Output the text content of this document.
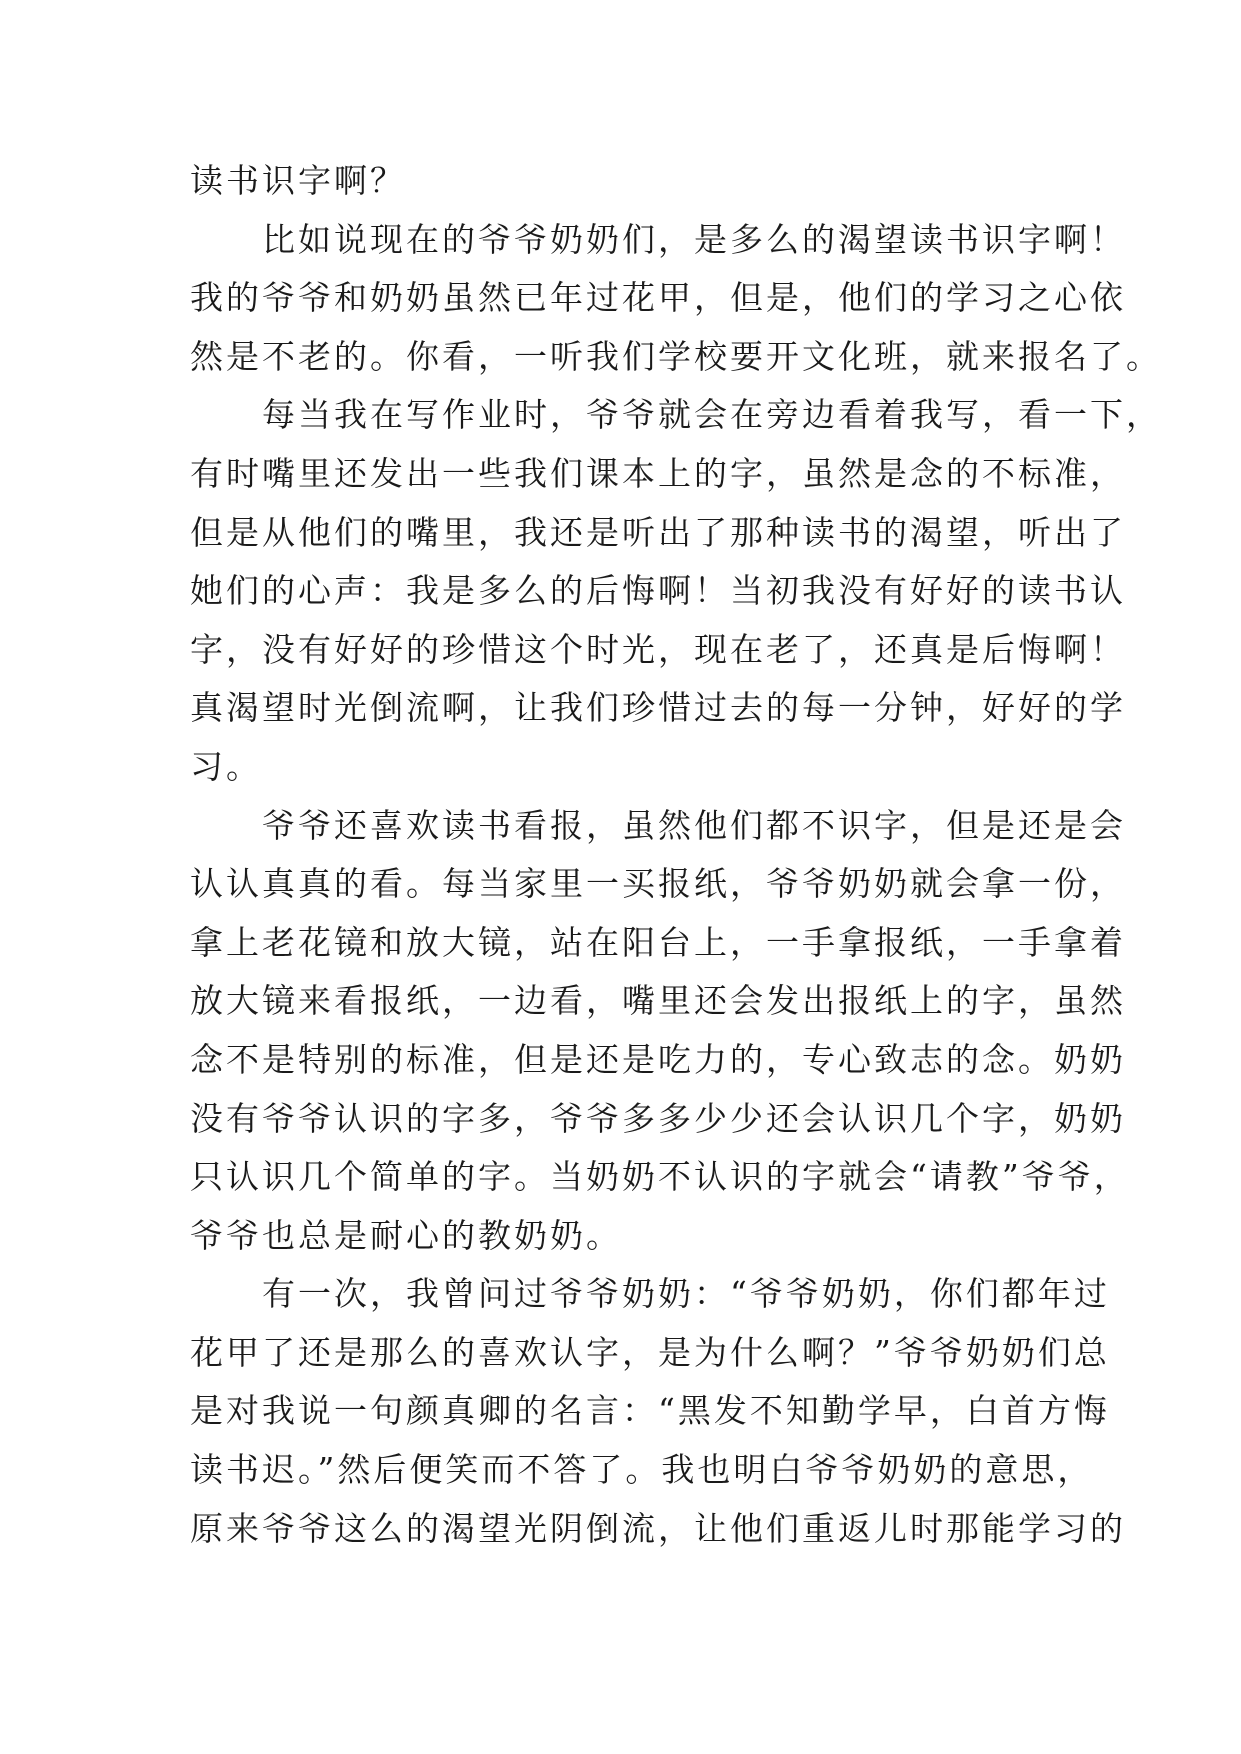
读书识字啊？
比如说现在的爷爷奶奶们，是多么的渴望读书识字啊！
我的爷爷和奶奶虽然已年过花甲，但是，他们的学习之心依
然是不老的。你看，一听我们学校要开文化班，就来报名了。
每当我在写作业时，爷爷就会在旁边看着我写，看一下，
有时嘴里还发出一些我们课本上的字，虽然是念的不标准，
但是从他们的嘴里，我还是听出了那种读书的渴望，听出了
她们的心声：我是多么的后悔啊！当初我没有好好的读书认
字，没有好好的珍惜这个时光，现在老了，还真是后悔啊！
真渴望时光倒流啊，让我们珍惜过去的每一分钟，好好的学
习。
爷爷还喜欢读书看报，虽然他们都不识字，但是还是会
认认真真的看。每当家里一买报纸，爷爷奶奶就会拿一份，
拿上老花镜和放大镜，站在阳台上，一手拿报纸，一手拿着
放大镜来看报纸，一边看，嘴里还会发出报纸上的字，虽然
念不是特别的标准，但是还是吃力的，专心致志的念。奶奶
没有爷爷认识的字多，爷爷多多少少还会认识几个字，奶奶
只认识几个简单的字。当奶奶不认识的字就会“请教”爷爷，
爷爷也总是耐心的教奶奶。
有一次，我曾问过爷爷奶奶：“爷爷奶奶，你们都年过
花甲了还是那么的喜欢认字，是为什么啊？”爷爷奶奶们总
是对我说一句颜真卿的名言：“黑发不知勤学早，白首方悔
读书迟。”然后便笑而不答了。我也明白爷爷奶奶的意思，
原来爷爷这么的渴望光阴倒流，让他们重返儿时那能学习的
